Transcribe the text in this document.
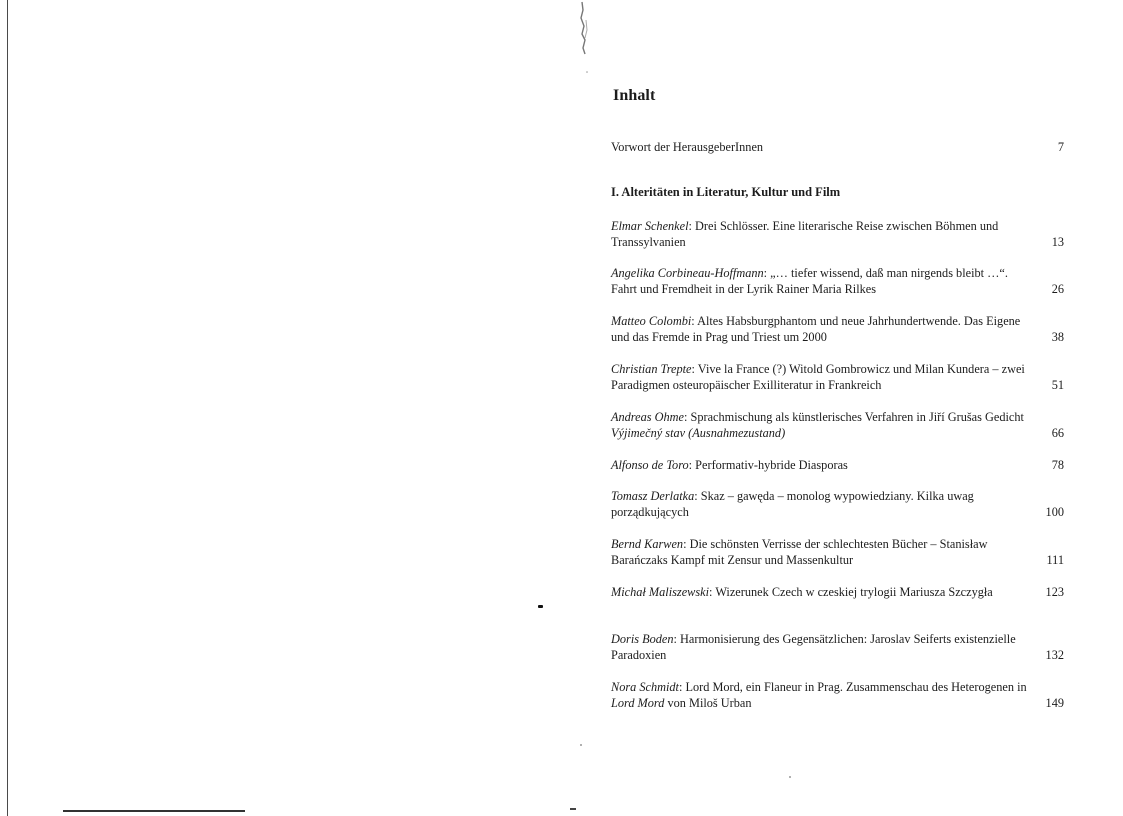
Inhalt
Vorwort der HerausgeberInnen	7
I. Alteritäten in Literatur, Kultur und Film
Elmar Schenkel: Drei Schlösser. Eine literarische Reise zwischen Böhmen und Transsylvanien	13
Angelika Corbineau-Hoffmann: „… tiefer wissend, daß man nirgends bleibt …“. Fahrt und Fremdheit in der Lyrik Rainer Maria Rilkes	26
Matteo Colombi: Altes Habsburgphantom und neue Jahrhundertwende. Das Eigene und das Fremde in Prag und Triest um 2000	38
Christian Trepte: Vive la France (?) Witold Gombrowicz und Milan Kundera – zwei Paradigmen osteuropäischer Exilliteratur in Frankreich	51
Andreas Ohme: Sprachmischung als künstlerisches Verfahren in Jiří Grušas Gedicht Výjimečný stav (Ausnahmezustand)	66
Alfonso de Toro: Performativ-hybride Diasporas	78
Tomasz Derlatka: Skaz – gawęda – monolog wypowiedziany. Kilka uwag porządkujących	100
Bernd Karwen: Die schönsten Verrisse der schlechtesten Bücher – Stanisław Barańczaks Kampf mit Zensur und Massenkultur	111
Michał Maliszewski: Wizerunek Czech w czeskiej trylogii Mariusza Szczygła	123
Doris Boden: Harmonisierung des Gegensätzlichen: Jaroslav Seiferts existenzielle Paradoxien	132
Nora Schmidt: Lord Mord, ein Flaneur in Prag. Zusammenschau des Heterogenen in Lord Mord von Miloš Urban	149
